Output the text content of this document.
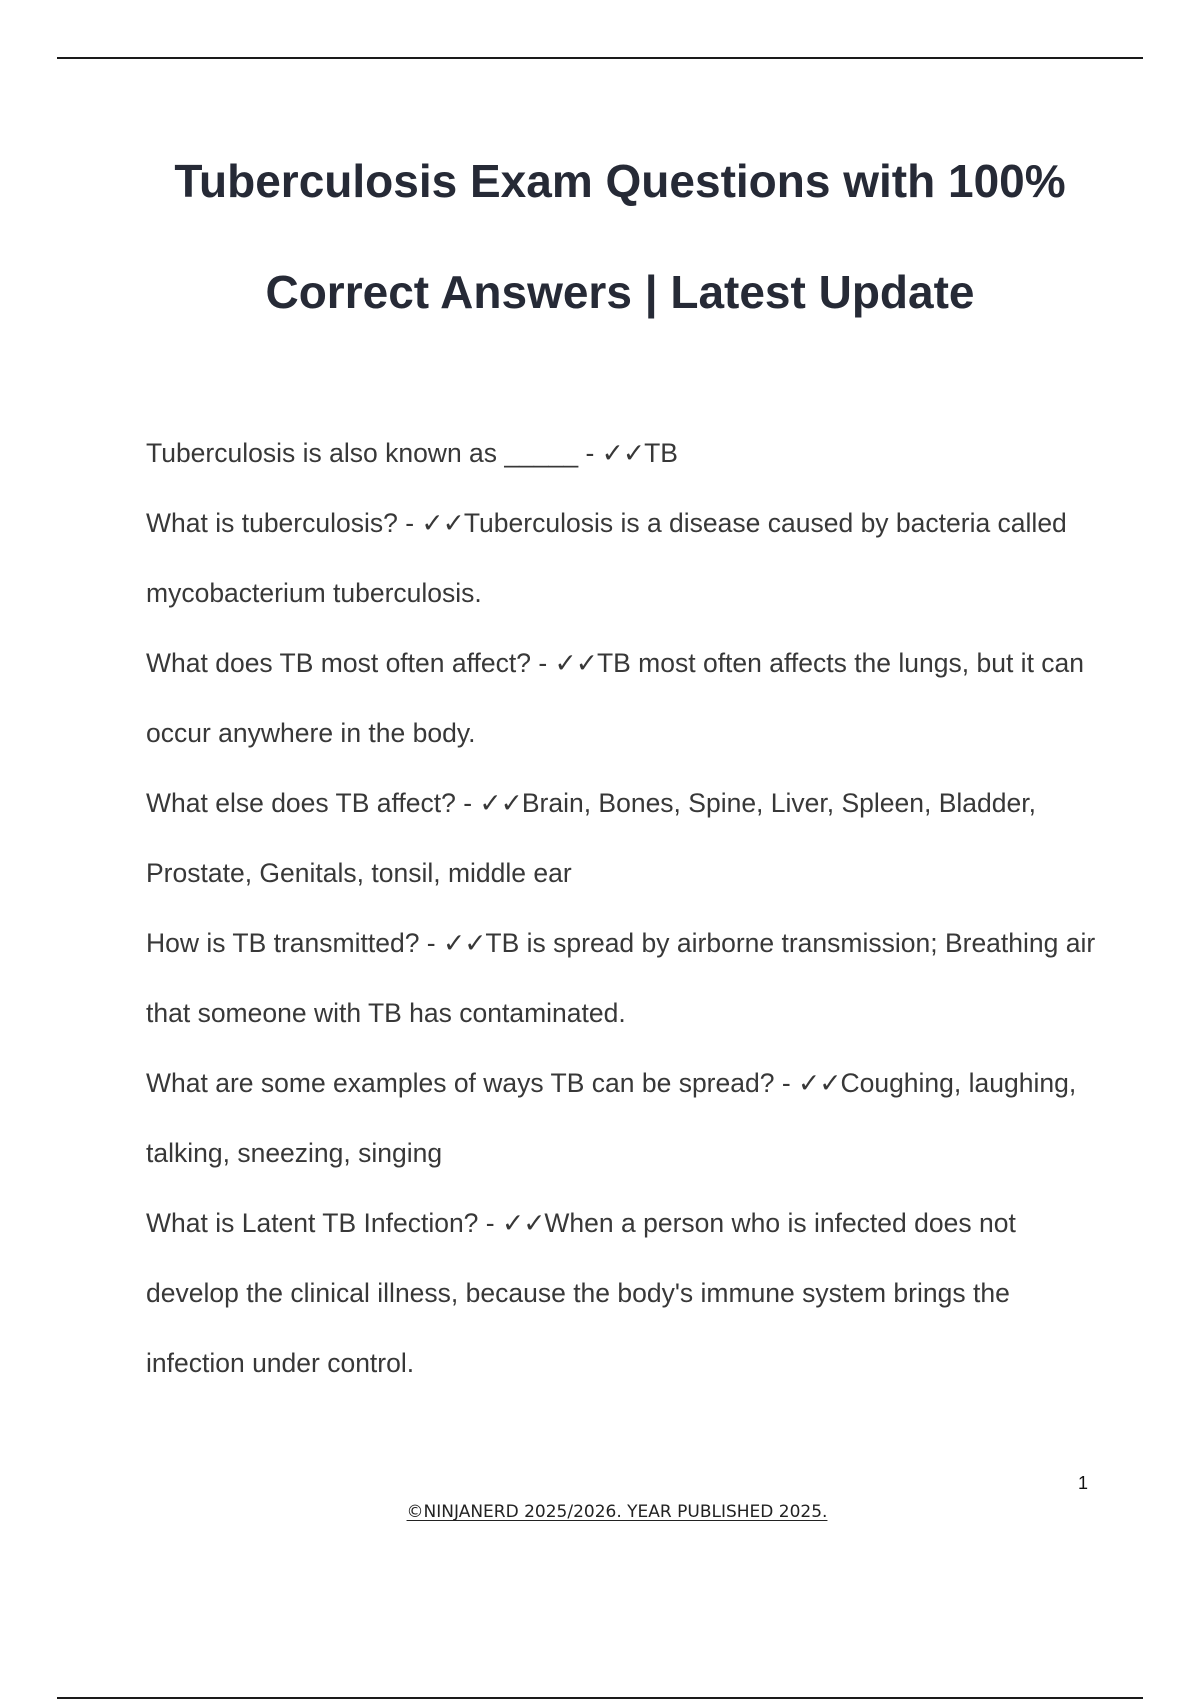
Tuberculosis Exam Questions with 100%
Correct Answers | Latest Update
Tuberculosis is also known as _____ - ✓✓TB
What is tuberculosis? - ✓✓Tuberculosis is a disease caused by bacteria called mycobacterium tuberculosis.
What does TB most often affect? - ✓✓TB most often affects the lungs, but it can occur anywhere in the body.
What else does TB affect? - ✓✓Brain, Bones, Spine, Liver, Spleen, Bladder, Prostate, Genitals, tonsil, middle ear
How is TB transmitted? - ✓✓TB is spread by airborne transmission; Breathing air that someone with TB has contaminated.
What are some examples of ways TB can be spread? - ✓✓Coughing, laughing, talking, sneezing, singing
What is Latent TB Infection? - ✓✓When a person who is infected does not develop the clinical illness, because the body's immune system brings the infection under control.
1
©NINJANERD 2025/2026. YEAR PUBLISHED 2025.
